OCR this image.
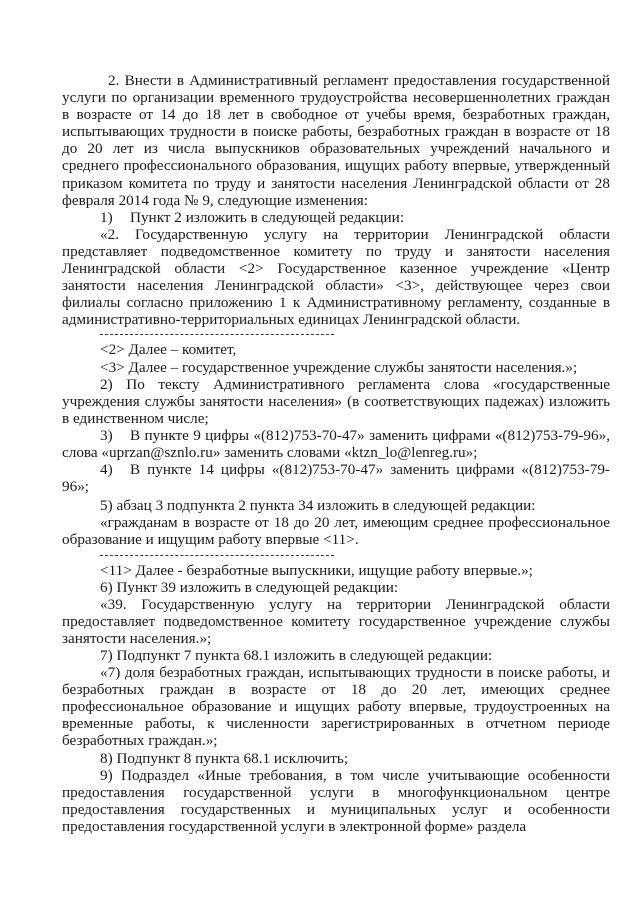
2. Внести в Административный регламент предоставления государственной услуги по организации временного трудоустройства несовершеннолетних граждан в возрасте от 14 до 18 лет в свободное от учебы время, безработных граждан, испытывающих трудности в поиске работы, безработных граждан в возрасте от 18 до 20 лет из числа выпускников образовательных учреждений начального и среднего профессионального образования, ищущих работу впервые, утвержденный приказом комитета по труду и занятости населения Ленинградской области от 28 февраля 2014 года № 9, следующие изменения:

1)	Пункт 2 изложить в следующей редакции:

«2. Государственную услугу на территории Ленинградской области представляет подведомственное комитету по труду и занятости населения Ленинградской области <2> Государственное казенное учреждение «Центр занятости населения Ленинградской области» <3>, действующее через свои филиалы согласно приложению 1 к Административному регламенту, созданные в административно-территориальных единицах Ленинградской области.

<2> Далее – комитет,

<3> Далее – государственное учреждение службы занятости населения.»;

2) По тексту Административного регламента слова «государственные учреждения службы занятости населения» (в соответствующих падежах) изложить в единственном числе;

3)	В пункте 9 цифры «(812)753-70-47» заменить цифрами «(812)753-79-96», слова «uprzan@sznlo.ru» заменить словами «ktzn_lo@lenreg.ru»;

4)	В пункте 14 цифры «(812)753-70-47» заменить цифрами «(812)753-79-96»;

5) абзац 3 подпункта 2 пункта 34 изложить в следующей редакции:

«гражданам в возрасте от 18 до 20 лет, имеющим среднее профессиональное образование и ищущим работу впервые <11>.

<11> Далее - безработные выпускники, ищущие работу впервые.»;

6) Пункт 39 изложить в следующей редакции:

«39. Государственную услугу на территории Ленинградской области предоставляет подведомственное комитету государственное учреждение службы занятости населения.»;

7) Подпункт 7 пункта 68.1 изложить в следующей редакции:

«7) доля безработных граждан, испытывающих трудности в поиске работы, и безработных граждан в возрасте от 18 до 20 лет, имеющих среднее профессиональное образование и ищущих работу впервые, трудоустроенных на временные работы, к численности зарегистрированных в отчетном периоде безработных граждан.»;

8) Подпункт 8 пункта 68.1 исключить;

9) Подраздел «Иные требования, в том числе учитывающие особенности предоставления государственной услуги в многофункциональном центре предоставления государственных и муниципальных услуг и особенности предоставления государственной услуги в электронной форме» раздела
